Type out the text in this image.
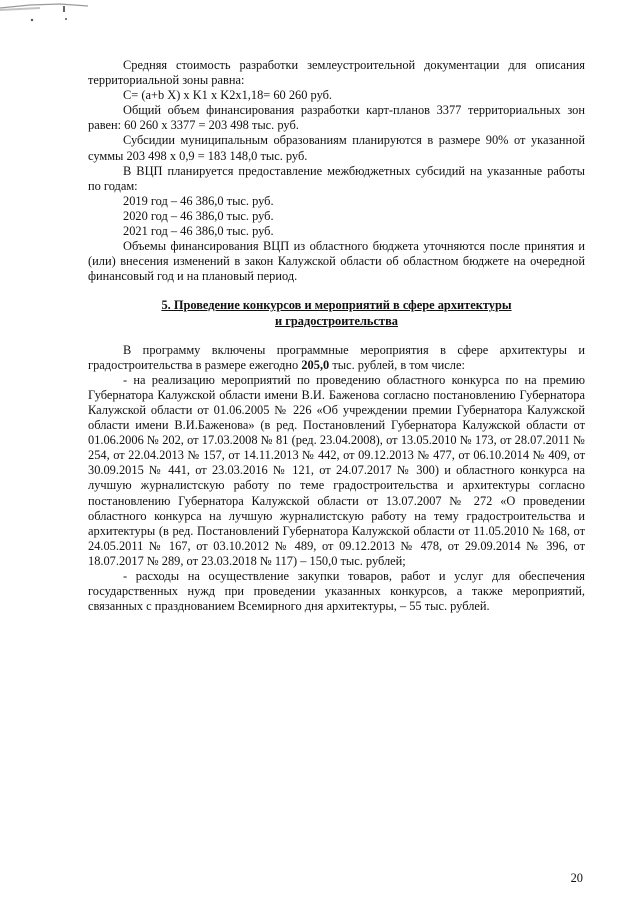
Средняя стоимость разработки землеустроительной документации для описания территориальной зоны равна:

С= (a+b X) x K1 x K2x1,18= 60 260 руб.

Общий объем финансирования разработки карт-планов 3377 территориальных зон равен: 60 260 х 3377 = 203 498 тыс. руб.

Субсидии муниципальным образованиям планируются в размере 90% от указанной суммы 203 498 х 0,9 = 183 148,0 тыс. руб.

В ВЦП планируется предоставление межбюджетных субсидий на указанные работы по годам:

2019 год – 46 386,0 тыс. руб.

2020 год – 46 386,0 тыс. руб.

2021 год – 46 386,0 тыс. руб.

Объемы финансирования ВЦП из областного бюджета уточняются после принятия и (или) внесения изменений в закон Калужской области об областном бюджете на очередной финансовый год и на плановый период.

5. Проведение конкурсов и мероприятий в сфере архитектуры
и градостроительства

В программу включены программные мероприятия в сфере архитектуры и градостроительства в размере ежегодно 205,0 тыс. рублей, в том числе:

- на реализацию мероприятий по проведению областного конкурса по на премию Губернатора Калужской области имени В.И. Баженова согласно постановлению Губернатора Калужской области от 01.06.2005 № 226 «Об учреждении премии Губернатора Калужской области имени В.И.Баженова» (в ред. Постановлений Губернатора Калужской области от 01.06.2006 № 202, от 17.03.2008 № 81 (ред. 23.04.2008), от 13.05.2010 № 173, от 28.07.2011 № 254, от 22.04.2013 № 157, от 14.11.2013 № 442, от 09.12.2013 № 477, от 06.10.2014 № 409, от 30.09.2015 № 441, от 23.03.2016 № 121, от 24.07.2017 № 300) и областного конкурса на лучшую журналистскую работу по теме градостроительства и архитектуры согласно постановлению Губернатора Калужской области от 13.07.2007 № 272 «О проведении областного конкурса на лучшую журналистскую работу на тему градостроительства и архитектуры (в ред. Постановлений Губернатора Калужской области от 11.05.2010 № 168, от 24.05.2011 № 167, от 03.10.2012 № 489, от 09.12.2013 № 478, от 29.09.2014 № 396, от 18.07.2017 № 289, от 23.03.2018 № 117) – 150,0 тыс. рублей;

- расходы на осуществление закупки товаров, работ и услуг для обеспечения государственных нужд при проведении указанных конкурсов, а также мероприятий, связанных с празднованием Всемирного дня архитектуры, – 55 тыс. рублей.

20
